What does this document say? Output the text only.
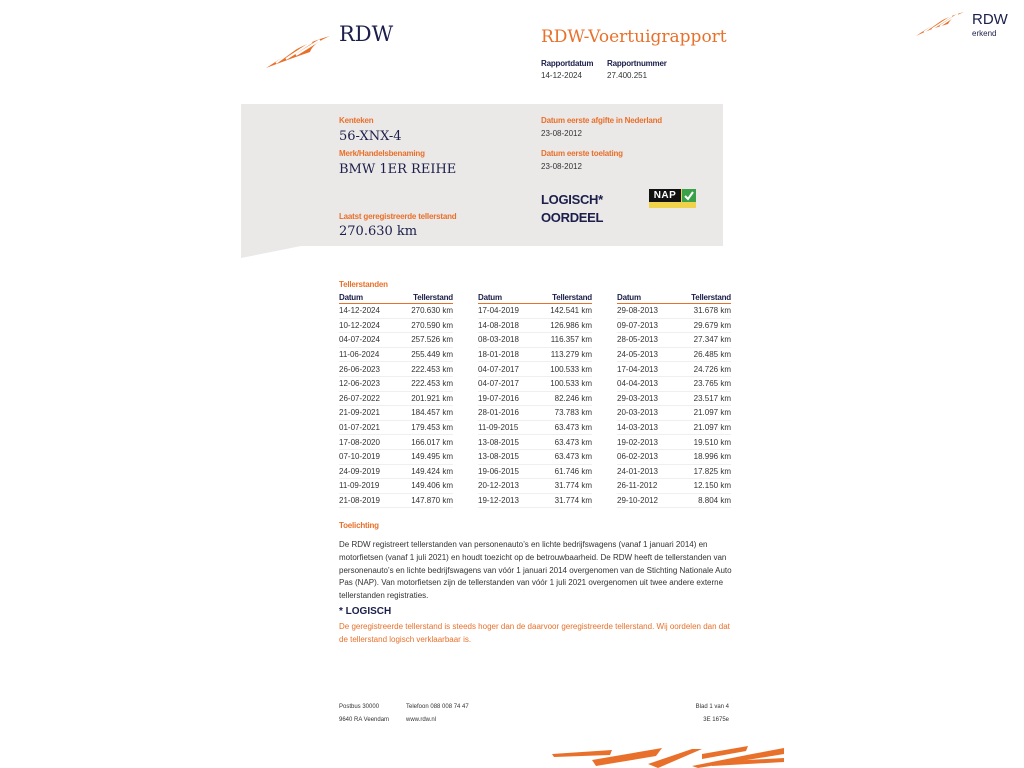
RDW
erkend
RDW	RDW-Voertuigrapport
Rapportdatum Rapportnummer
14-12-2024	27.400.251
Kenteken
56-XNX-4
Merk/Handelsbenaming
BMW 1ER REIHE
Datum eerste afgifte in Nederland
23-08-2012
Datum eerste toelating
23-08-2012
LOGISCH*
OORDEEL
NAP
Laatst geregistreerde tellerstand
270.630 km
Tellerstanden
Datum	Tellerstand
14-12-2024	270.630 km
10-12-2024	270.590 km
04-07-2024	257.526 km
11-06-2024	255.449 km
26-06-2023	222.453 km
12-06-2023	222.453 km
26-07-2022	201.921 km
21-09-2021	184.457 km
01-07-2021	179.453 km
17-08-2020	166.017 km
07-10-2019	149.495 km
24-09-2019	149.424 km
11-09-2019	149.406 km
21-08-2019	147.870 km
Datum	Tellerstand
17-04-2019	142.541 km
14-08-2018	126.986 km
08-03-2018	116.357 km
18-01-2018	113.279 km
04-07-2017	100.533 km
04-07-2017	100.533 km
19-07-2016	82.246 km
28-01-2016	73.783 km
11-09-2015	63.473 km
13-08-2015	63.473 km
13-08-2015	63.473 km
19-06-2015	61.746 km
20-12-2013	31.774 km
19-12-2013	31.774 km
Datum	Tellerstand
29-08-2013	31.678 km
09-07-2013	29.679 km
28-05-2013	27.347 km
24-05-2013	26.485 km
17-04-2013	24.726 km
04-04-2013	23.765 km
29-03-2013	23.517 km
20-03-2013	21.097 km
14-03-2013	21.097 km
19-02-2013	19.510 km
06-02-2013	18.996 km
24-01-2013	17.825 km
26-11-2012	12.150 km
29-10-2012	8.804 km
Toelichting
De RDW registreert tellerstanden van personenauto’s en lichte bedrijfswagens (vanaf 1 januari 2014) en motorfietsen (vanaf 1 juli 2021) en houdt toezicht op de betrouwbaarheid. De RDW heeft de tellerstanden van personenauto’s en lichte bedrijfswagens van vóór 1 januari 2014 overgenomen van de Stichting Nationale Auto Pas (NAP). Van motorfietsen zijn de tellerstanden van vóór 1 juli 2021 overgenomen uit twee andere externe tellerstanden registraties.
* LOGISCH
De geregistreerde tellerstand is steeds hoger dan de daarvoor geregistreerde tellerstand. Wij oordelen dan dat de tellerstand logisch verklaarbaar is.
Postbus 30000
9640 RA Veendam
Telefoon 088 008 74 47
www.rdw.nl
Blad 1 van 4
3E 1675e
